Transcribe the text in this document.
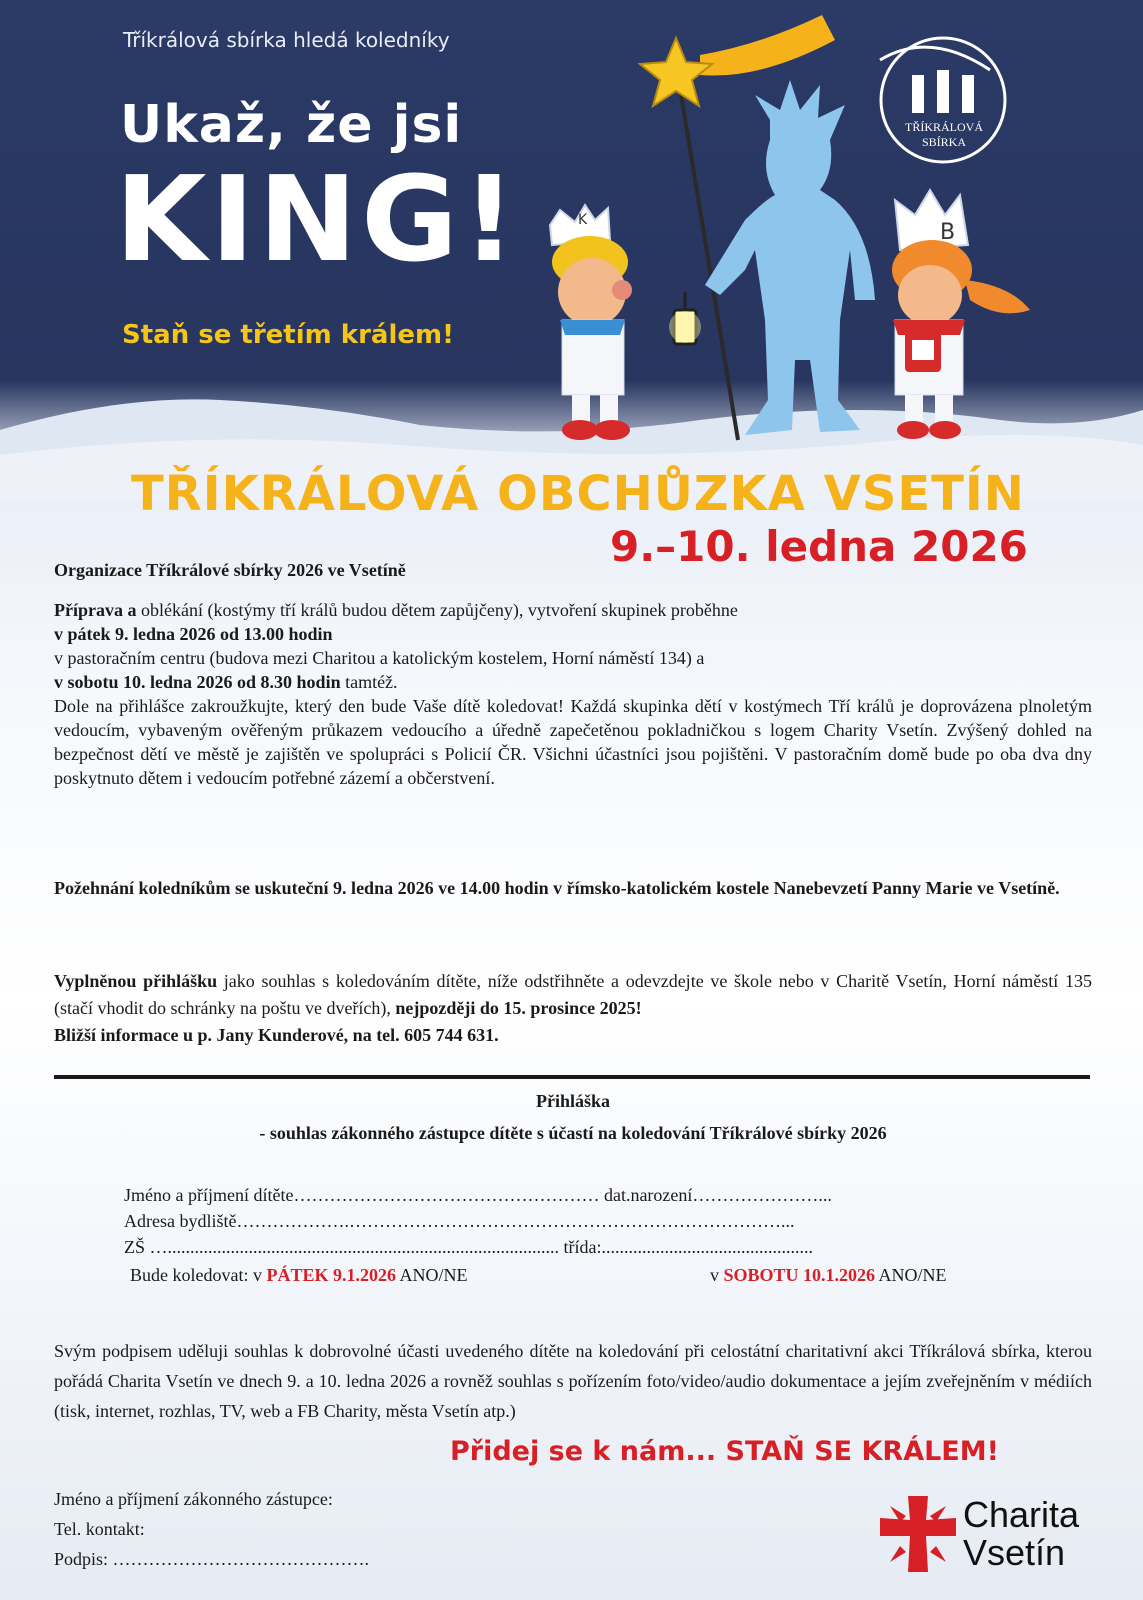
Tříkrálová sbírka hledá koledníky
Ukaž, že jsi
KING!
Staň se třetím králem!
TŘÍKRÁLOVÁ
SBÍRKA
K	B
TŘÍKRÁLOVÁ OBCHŮZKA VSETÍN
9.–10. ledna 2026
Organizace Tříkrálové sbírky 2026 ve Vsetíně
Příprava a oblékání (kostýmy tří králů budou dětem zapůjčeny), vytvoření skupinek proběhne
v pátek 9. ledna 2026 od 13.00 hodin
v pastoračním centru (budova mezi Charitou a katolickým kostelem, Horní náměstí 134) a
v sobotu 10. ledna 2026 od 8.30 hodin tamtéž.
Dole na přihlášce zakroužkujte, který den bude Vaše dítě koledovat! Každá skupinka dětí v kostýmech Tří králů je doprovázena plnoletým vedoucím, vybaveným ověřeným průkazem vedoucího a úředně zapečetěnou pokladničkou s logem Charity Vsetín. Zvýšený dohled na bezpečnost dětí ve městě je zajištěn ve spolupráci s Policií ČR. Všichni účastníci jsou pojištěni. V pastoračním domě bude po oba dva dny poskytnuto dětem i vedoucím potřebné zázemí a občerstvení.
Požehnání koledníkům se uskuteční 9. ledna 2026 ve 14.00 hodin v římsko-katolickém kostele Nanebevzetí Panny Marie ve Vsetíně.
Vyplněnou přihlášku jako souhlas s koledováním dítěte, níže odstřihněte a odevzdejte ve škole nebo v Charitě Vsetín, Horní náměstí 135 (stačí vhodit do schránky na poštu ve dveřích), nejpozději do 15. prosince 2025!
Bližší informace u p. Jany Kunderové, na tel. 605 744 631.
Přihláška
- souhlas zákonného zástupce dítěte s účastí na koledování Tříkrálové sbírky 2026
Jméno a příjmení dítěte…………………………………………… dat.narození…………………...
Adresa bydliště……………….………………………………………………………………...
ZŠ …....................................................................................... třída:...............................................
Bude koledovat: v PÁTEK 9.1.2026 ANO/NE	v SOBOTU 10.1.2026 ANO/NE
Svým podpisem uděluji souhlas k dobrovolné účasti uvedeného dítěte na koledování při celostátní charitativní akci Tříkrálová sbírka, kterou pořádá Charita Vsetín ve dnech 9. a 10. ledna 2026 a rovněž souhlas s pořízením foto/video/audio dokumentace a jejím zveřejněním v médiích (tisk, internet, rozhlas, TV, web a FB Charity, města Vsetín atp.)
Přidej se k nám... STAŇ SE KRÁLEM!
Jméno a příjmení zákonného zástupce:
Tel. kontakt:
Podpis: …………………………………….
Charita
Vsetín
